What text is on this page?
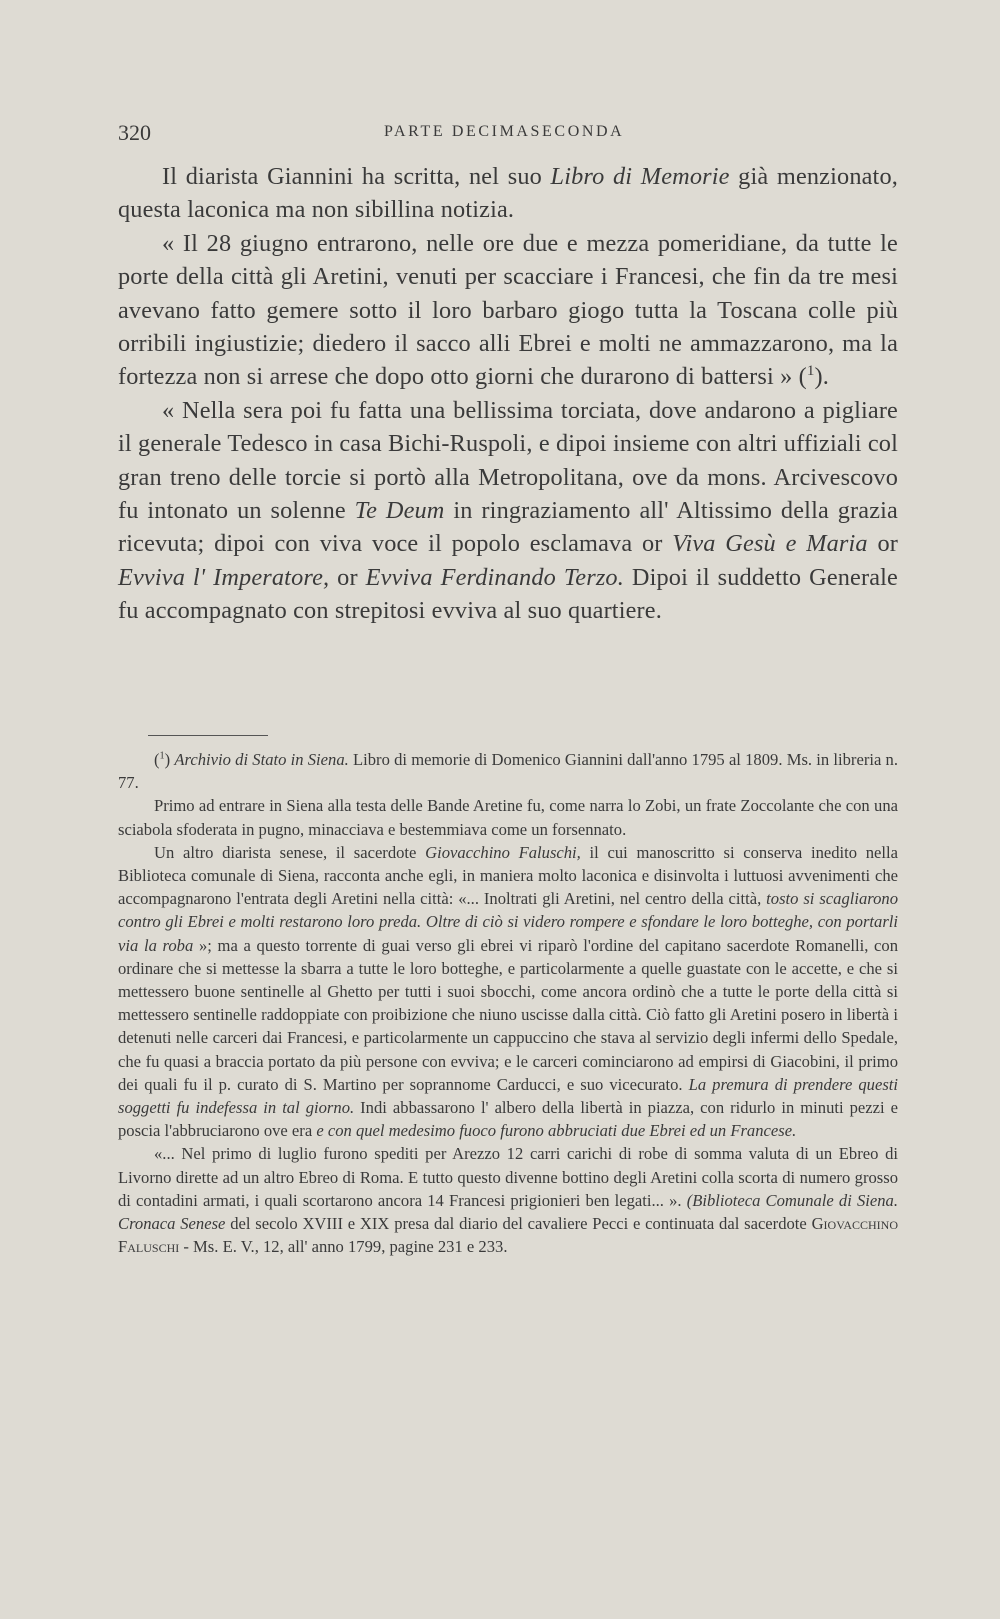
320	PARTE DECIMASECONDA

Il diarista Giannini ha scritta, nel suo Libro di Memorie già menzionato, questa laconica ma non sibillina notizia.

« Il 28 giugno entrarono, nelle ore due e mezza pomeridiane, da tutte le porte della città gli Aretini, venuti per scacciare i Francesi, che fin da tre mesi avevano fatto gemere sotto il loro barbaro giogo tutta la Toscana colle più orribili ingiustizie; diedero il sacco alli Ebrei e molti ne ammazzarono, ma la fortezza non si arrese che dopo otto giorni che durarono di battersi » ($^1$).

« Nella sera poi fu fatta una bellissima torciata, dove andarono a pigliare il generale Tedesco in casa Bichi-Ruspoli, e dipoi insieme con altri uffiziali col gran treno delle torcie si portò alla Metropolitana, ove da mons. Arcivescovo fu intonato un solenne Te Deum in ringraziamento all' Altissimo della grazia ricevuta; dipoi con viva voce il popolo esclamava or Viva Gesù e Maria or Evviva l' Imperatore, or Evviva Ferdinando Terzo. Dipoi il suddetto Generale fu accompagnato con strepitosi evviva al suo quartiere.

($^1$) Archivio di Stato in Siena. Libro di memorie di Domenico Giannini dall'anno 1795 al 1809. Ms. in libreria n. 77.

Primo ad entrare in Siena alla testa delle Bande Aretine fu, come narra lo Zobi, un frate Zoccolante che con una sciabola sfoderata in pugno, minacciava e bestemmiava come un forsennato.

Un altro diarista senese, il sacerdote Giovacchino Faluschi, il cui manoscritto si conserva inedito nella Biblioteca comunale di Siena, racconta anche egli, in maniera molto laconica e disinvolta i luttuosi avvenimenti che accompagnarono l'entrata degli Aretini nella città: «... Inoltrati gli Aretini, nel centro della città, tosto si scagliarono contro gli Ebrei e molti restarono loro preda. Oltre di ciò si videro rompere e sfondare le loro botteghe, con portarli via la roba »; ma a questo torrente di guai verso gli ebrei vi riparò l'ordine del capitano sacerdote Romanelli, con ordinare che si mettesse la sbarra a tutte le loro botteghe, e particolarmente a quelle guastate con le accette, e che si mettessero buone sentinelle al Ghetto per tutti i suoi sbocchi, come ancora ordinò che a tutte le porte della città si mettessero sentinelle raddoppiate con proibizione che niuno uscisse dalla città. Ciò fatto gli Aretini posero in libertà i detenuti nelle carceri dai Francesi, e particolarmente un cappuccino che stava al servizio degli infermi dello Spedale, che fu quasi a braccia portato da più persone con evviva; e le carceri cominciarono ad empirsi di Giacobini, il primo dei quali fu il p. curato di S. Martino per soprannome Carducci, e suo vicecurato. La premura di prendere questi soggetti fu indefessa in tal giorno. Indi abbassarono l' albero della libertà in piazza, con ridurlo in minuti pezzi e poscia l'abbruciarono ove era e con quel medesimo fuoco furono abbruciati due Ebrei ed un Francese.

«... Nel primo di luglio furono spediti per Arezzo 12 carri carichi di robe di somma valuta di un Ebreo di Livorno dirette ad un altro Ebreo di Roma. E tutto questo divenne bottino degli Aretini colla scorta di numero grosso di contadini armati, i quali scortarono ancora 14 Francesi prigionieri ben legati... ». (Biblioteca Comunale di Siena. Cronaca Senese del secolo XVIII e XIX presa dal diario del cavaliere Pecci e continuata dal sacerdote Giovacchino Faluschi - Ms. E. V., 12, all' anno 1799, pagine 231 e 233.
